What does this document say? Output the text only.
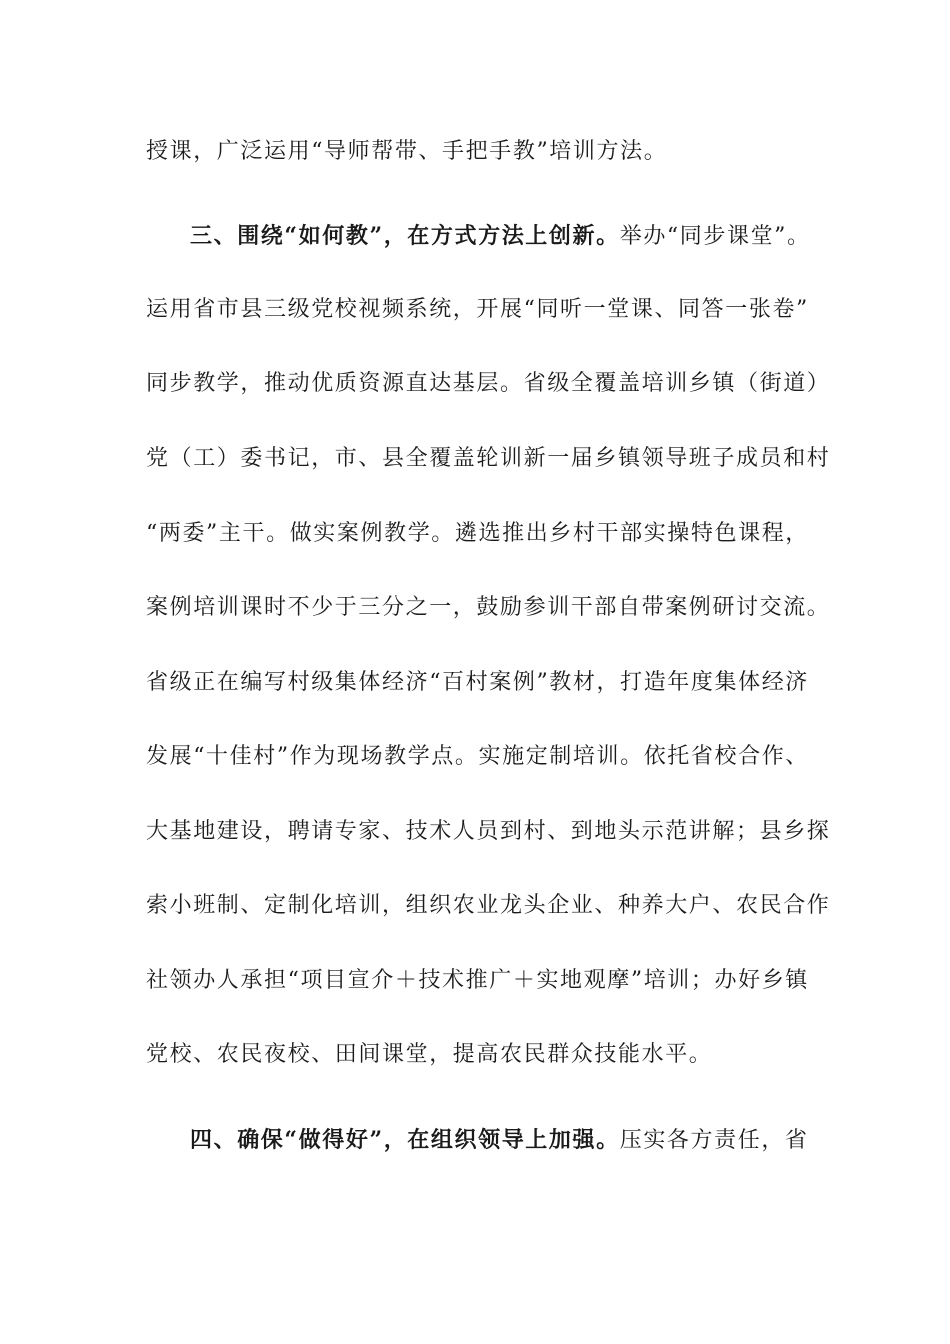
授课，广泛运用“导师帮带、手把手教”培训方法。
三、围绕“如何教”，在方式方法上创新。举办“同步课堂”。
运用省市县三级党校视频系统，开展“同听一堂课、同答一张卷”
同步教学，推动优质资源直达基层。省级全覆盖培训乡镇（街道）
党（工）委书记，市、县全覆盖轮训新一届乡镇领导班子成员和村
“两委”主干。做实案例教学。遴选推出乡村干部实操特色课程，
案例培训课时不少于三分之一，鼓励参训干部自带案例研讨交流。
省级正在编写村级集体经济“百村案例”教材，打造年度集体经济
发展“十佳村”作为现场教学点。实施定制培训。依托省校合作、
大基地建设，聘请专家、技术人员到村、到地头示范讲解；县乡探
索小班制、定制化培训，组织农业龙头企业、种养大户、农民合作
社领办人承担“项目宣介＋技术推广＋实地观摩”培训；办好乡镇
党校、农民夜校、田间课堂，提高农民群众技能水平。
四、确保“做得好”，在组织领导上加强。压实各方责任，省
